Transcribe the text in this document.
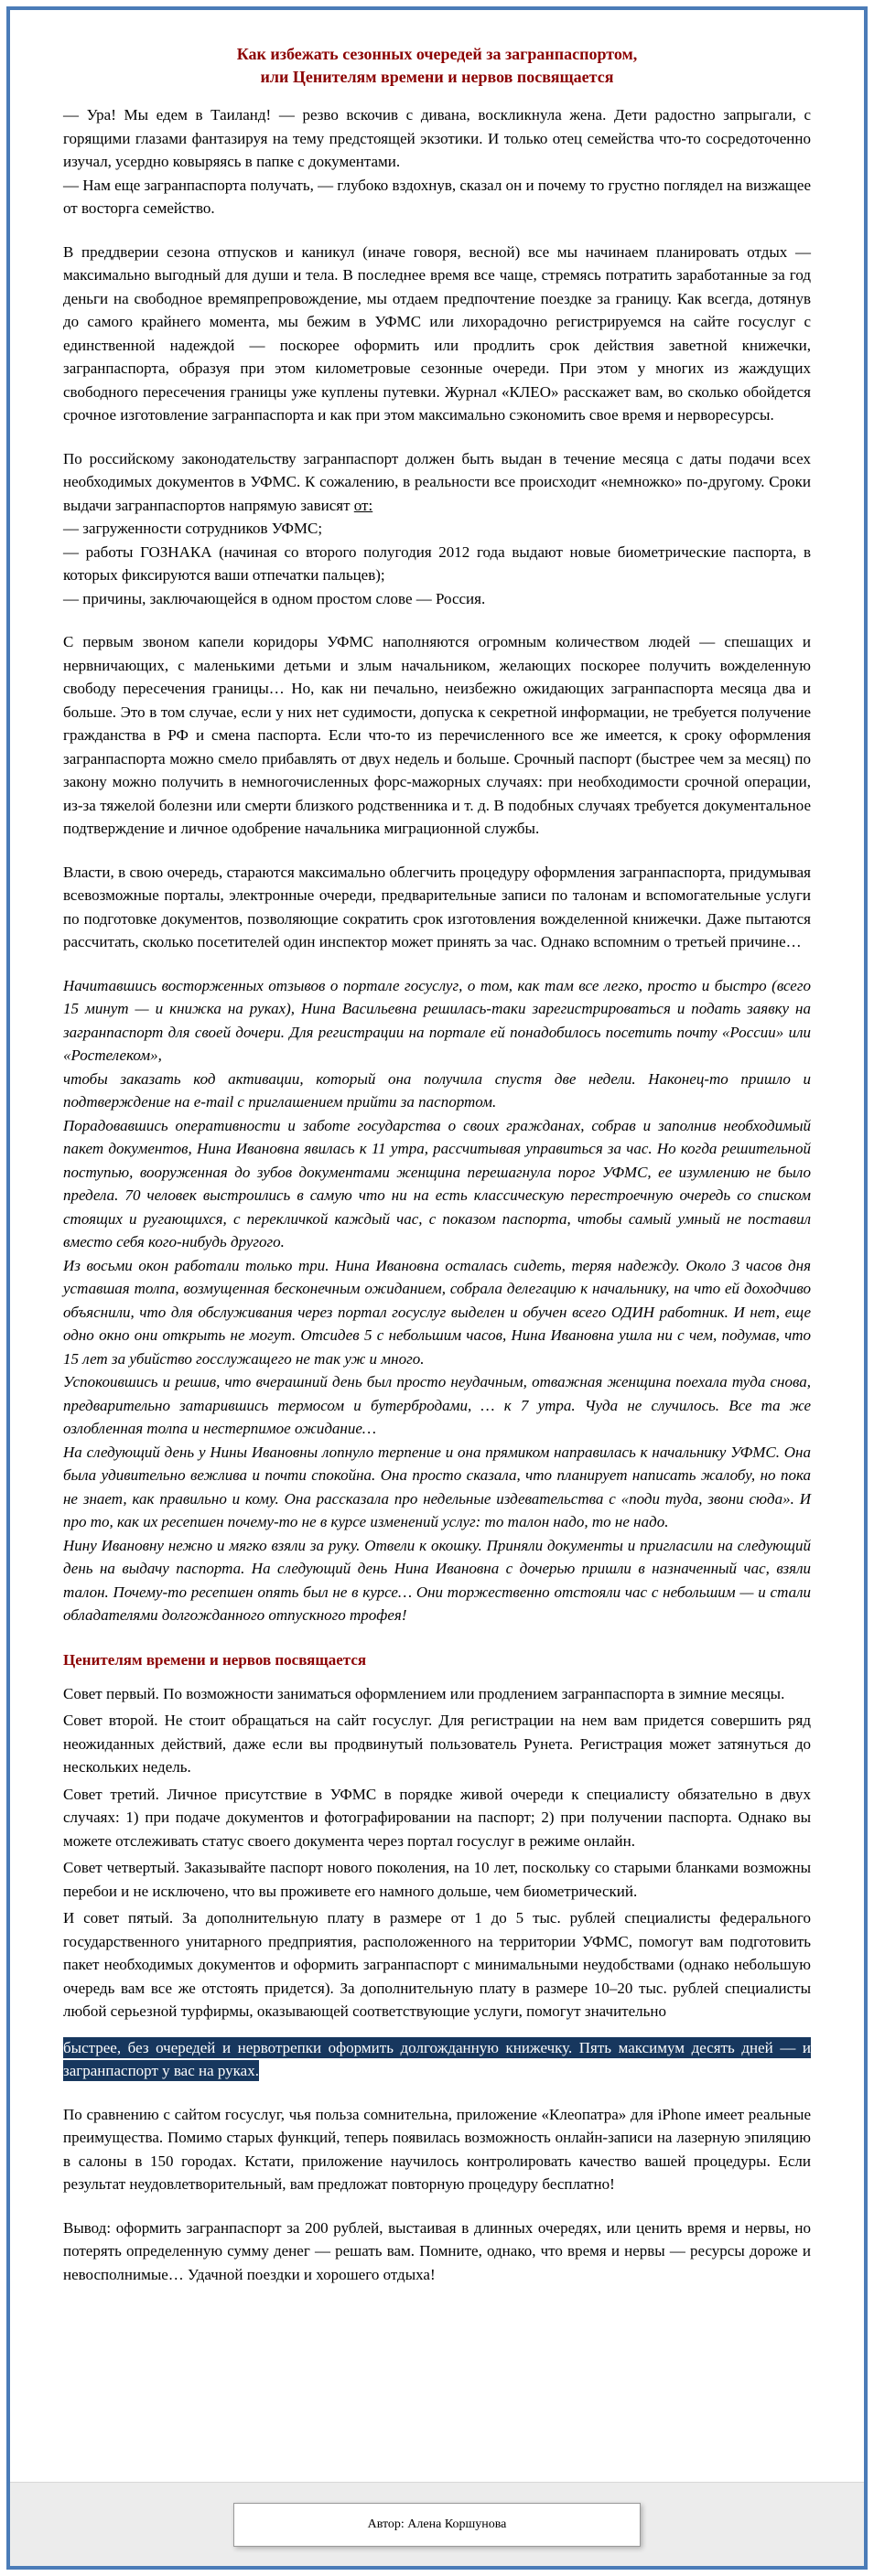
Как избежать сезонных очередей за загранпаспортом,
или Ценителям времени и нервов посвящается

— Ура! Мы едем в Таиланд! — резво вскочив с дивана, воскликнула жена. Дети радостно запрыгали, с горящими глазами фантазируя на тему предстоящей экзотики. И только отец семейства что-то сосредоточенно изучал, усердно ковыряясь в папке с документами.

— Нам еще загранпаспорта получать, — глубоко вздохнув, сказал он и почему то грустно поглядел на визжащее от восторга семейство.

В преддверии сезона отпусков и каникул (иначе говоря, весной) все мы начинаем планировать отдых — максимально выгодный для души и тела. В последнее время все чаще, стремясь потратить заработанные за год деньги на свободное времяпрепровождение, мы отдаем предпочтение поездке за границу. Как всегда, дотянув до самого крайнего момента, мы бежим в УФМС или лихорадочно регистрируемся на сайте госуслуг с единственной надеждой — поскорее оформить или продлить срок действия заветной книжечки, загранпаспорта, образуя при этом километровые сезонные очереди. При этом у многих из жаждущих свободного пересечения границы уже куплены путевки. Журнал «КЛЕО» расскажет вам, во сколько обойдется срочное изготовление загранпаспорта и как при этом максимально сэкономить свое время и нерворесурсы.

По российскому законодательству загранпаспорт должен быть выдан в течение месяца с даты подачи всех необходимых документов в УФМС. К сожалению, в реальности все происходит «немножко» по-другому. Сроки выдачи загранпаспортов напрямую зависят от:

— загруженности сотрудников УФМС;

— работы ГОЗНАКА (начиная со второго полугодия 2012 года выдают новые биометрические паспорта, в которых фиксируются ваши отпечатки пальцев);

— причины, заключающейся в одном простом слове — Россия.

С первым звоном капели коридоры УФМС наполняются огромным количеством людей — спешащих и нервничающих, с маленькими детьми и злым начальником, желающих поскорее получить вожделенную свободу пересечения границы… Но, как ни печально, неизбежно ожидающих загранпаспорта месяца два и больше. Это в том случае, если у них нет судимости, допуска к секретной информации, не требуется получение гражданства в РФ и смена паспорта. Если что-то из перечисленного все же имеется, к сроку оформления загранпаспорта можно смело прибавлять от двух недель и больше. Срочный паспорт (быстрее чем за месяц) по закону можно получить в немногочисленных форс-мажорных случаях: при необходимости срочной операции, из-за тяжелой болезни или смерти близкого родственника и т. д. В подобных случаях требуется документальное подтверждение и личное одобрение начальника миграционной службы.

Власти, в свою очередь, стараются максимально облегчить процедуру оформления загранпаспорта, придумывая всевозможные порталы, электронные очереди, предварительные записи по талонам и вспомогательные услуги по подготовке документов, позволяющие сократить срок изготовления вожделенной книжечки. Даже пытаются рассчитать, сколько посетителей один инспектор может принять за час. Однако вспомним о третьей причине…

Начитавшись восторженных отзывов о портале госуслуг, о том, как там все легко, просто и быстро (всего 15 минут — и книжка на руках), Нина Васильевна решилась-таки зарегистрироваться и подать заявку на загранпаспорт для своей дочери. Для регистрации на портале ей понадобилось посетить почту «России» или «Ростелеком»,

чтобы заказать код активации, который она получила спустя две недели. Наконец-то пришло и подтверждение на e-mail с приглашением прийти за паспортом.

Порадовавшись оперативности и заботе государства о своих гражданах, собрав и заполнив необходимый пакет документов, Нина Ивановна явилась к 11 утра, рассчитывая управиться за час. Но когда решительной поступью, вооруженная до зубов документами женщина перешагнула порог УФМС, ее изумлению не было предела. 70 человек выстроились в самую что ни на есть классическую перестроечную очередь со списком стоящих и ругающихся, с перекличкой каждый час, с показом паспорта, чтобы самый умный не поставил вместо себя кого-нибудь другого.

Из восьми окон работали только три. Нина Ивановна осталась сидеть, теряя надежду. Около 3 часов дня уставшая толпа, возмущенная бесконечным ожиданием, собрала делегацию к начальнику, на что ей доходчиво объяснили, что для обслуживания через портал госуслуг выделен и обучен всего ОДИН работник. И нет, еще одно окно они открыть не могут. Отсидев 5 с небольшим часов, Нина Ивановна ушла ни с чем, подумав, что 15 лет за убийство госслужащего не так уж и много.

Успокоившись и решив, что вчерашний день был просто неудачным, отважная женщина поехала туда снова, предварительно затарившись термосом и бутербродами, … к 7 утра. Чуда не случилось. Все та же озлобленная толпа и нестерпимое ожидание…

На следующий день у Нины Ивановны лопнуло терпение и она прямиком направилась к начальнику УФМС. Она была удивительно вежлива и почти спокойна. Она просто сказала, что планирует написать жалобу, но пока не знает, как правильно и кому. Она рассказала про недельные издевательства с «поди туда, звони сюда». И про то, как их ресепшен почему-то не в курсе изменений услуг: то талон надо, то не надо.

Нину Ивановну нежно и мягко взяли за руку. Отвели к окошку. Приняли документы и пригласили на следующий день на выдачу паспорта. На следующий день Нина Ивановна с дочерью пришли в назначенный час, взяли талон. Почему-то ресепшен опять был не в курсе… Они торжественно отстояли час с небольшим — и стали обладателями долгожданного отпускного трофея!

Ценителям времени и нервов посвящается

Совет первый. По возможности заниматься оформлением или продлением загранпаспорта в зимние месяцы.

Совет второй. Не стоит обращаться на сайт госуслуг. Для регистрации на нем вам придется совершить ряд неожиданных действий, даже если вы продвинутый пользователь Рунета. Регистрация может затянуться до нескольких недель.

Совет третий. Личное присутствие в УФМС в порядке живой очереди к специалисту обязательно в двух случаях: 1) при подаче документов и фотографировании на паспорт; 2) при получении паспорта. Однако вы можете отслеживать статус своего документа через портал госуслуг в режиме онлайн.

Совет четвертый. Заказывайте паспорт нового поколения, на 10 лет, поскольку со старыми бланками возможны перебои и не исключено, что вы проживете его намного дольше, чем биометрический.

И совет пятый. За дополнительную плату в размере от 1 до 5 тыс. рублей специалисты федерального государственного унитарного предприятия, расположенного на территории УФМС, помогут вам подготовить пакет необходимых документов и оформить загранпаспорт с минимальными неудобствами (однако небольшую очередь вам все же отстоять придется). За дополнительную плату в размере 10–20 тыс. рублей специалисты любой серьезной турфирмы, оказывающей соответствующие услуги, помогут значительно

быстрее, без очередей и нервотрепки оформить долгожданную книжечку. Пять максимум десять дней — и загранпаспорт у вас на руках.

По сравнению с сайтом госуслуг, чья польза сомнительна, приложение «Клеопатра» для iPhone имеет реальные преимущества. Помимо старых функций, теперь появилась возможность онлайн-записи на лазерную эпиляцию в салоны в 150 городах. Кстати, приложение научилось контролировать качество вашей процедуры. Если результат неудовлетворительный, вам предложат повторную процедуру бесплатно!

Вывод: оформить загранпаспорт за 200 рублей, выстаивая в длинных очередях, или ценить время и нервы, но потерять определенную сумму денег — решать вам. Помните, однако, что время и нервы — ресурсы дороже и невосполнимые… Удачной поездки и хорошего отдыха!

Автор: Алена Коршунова
